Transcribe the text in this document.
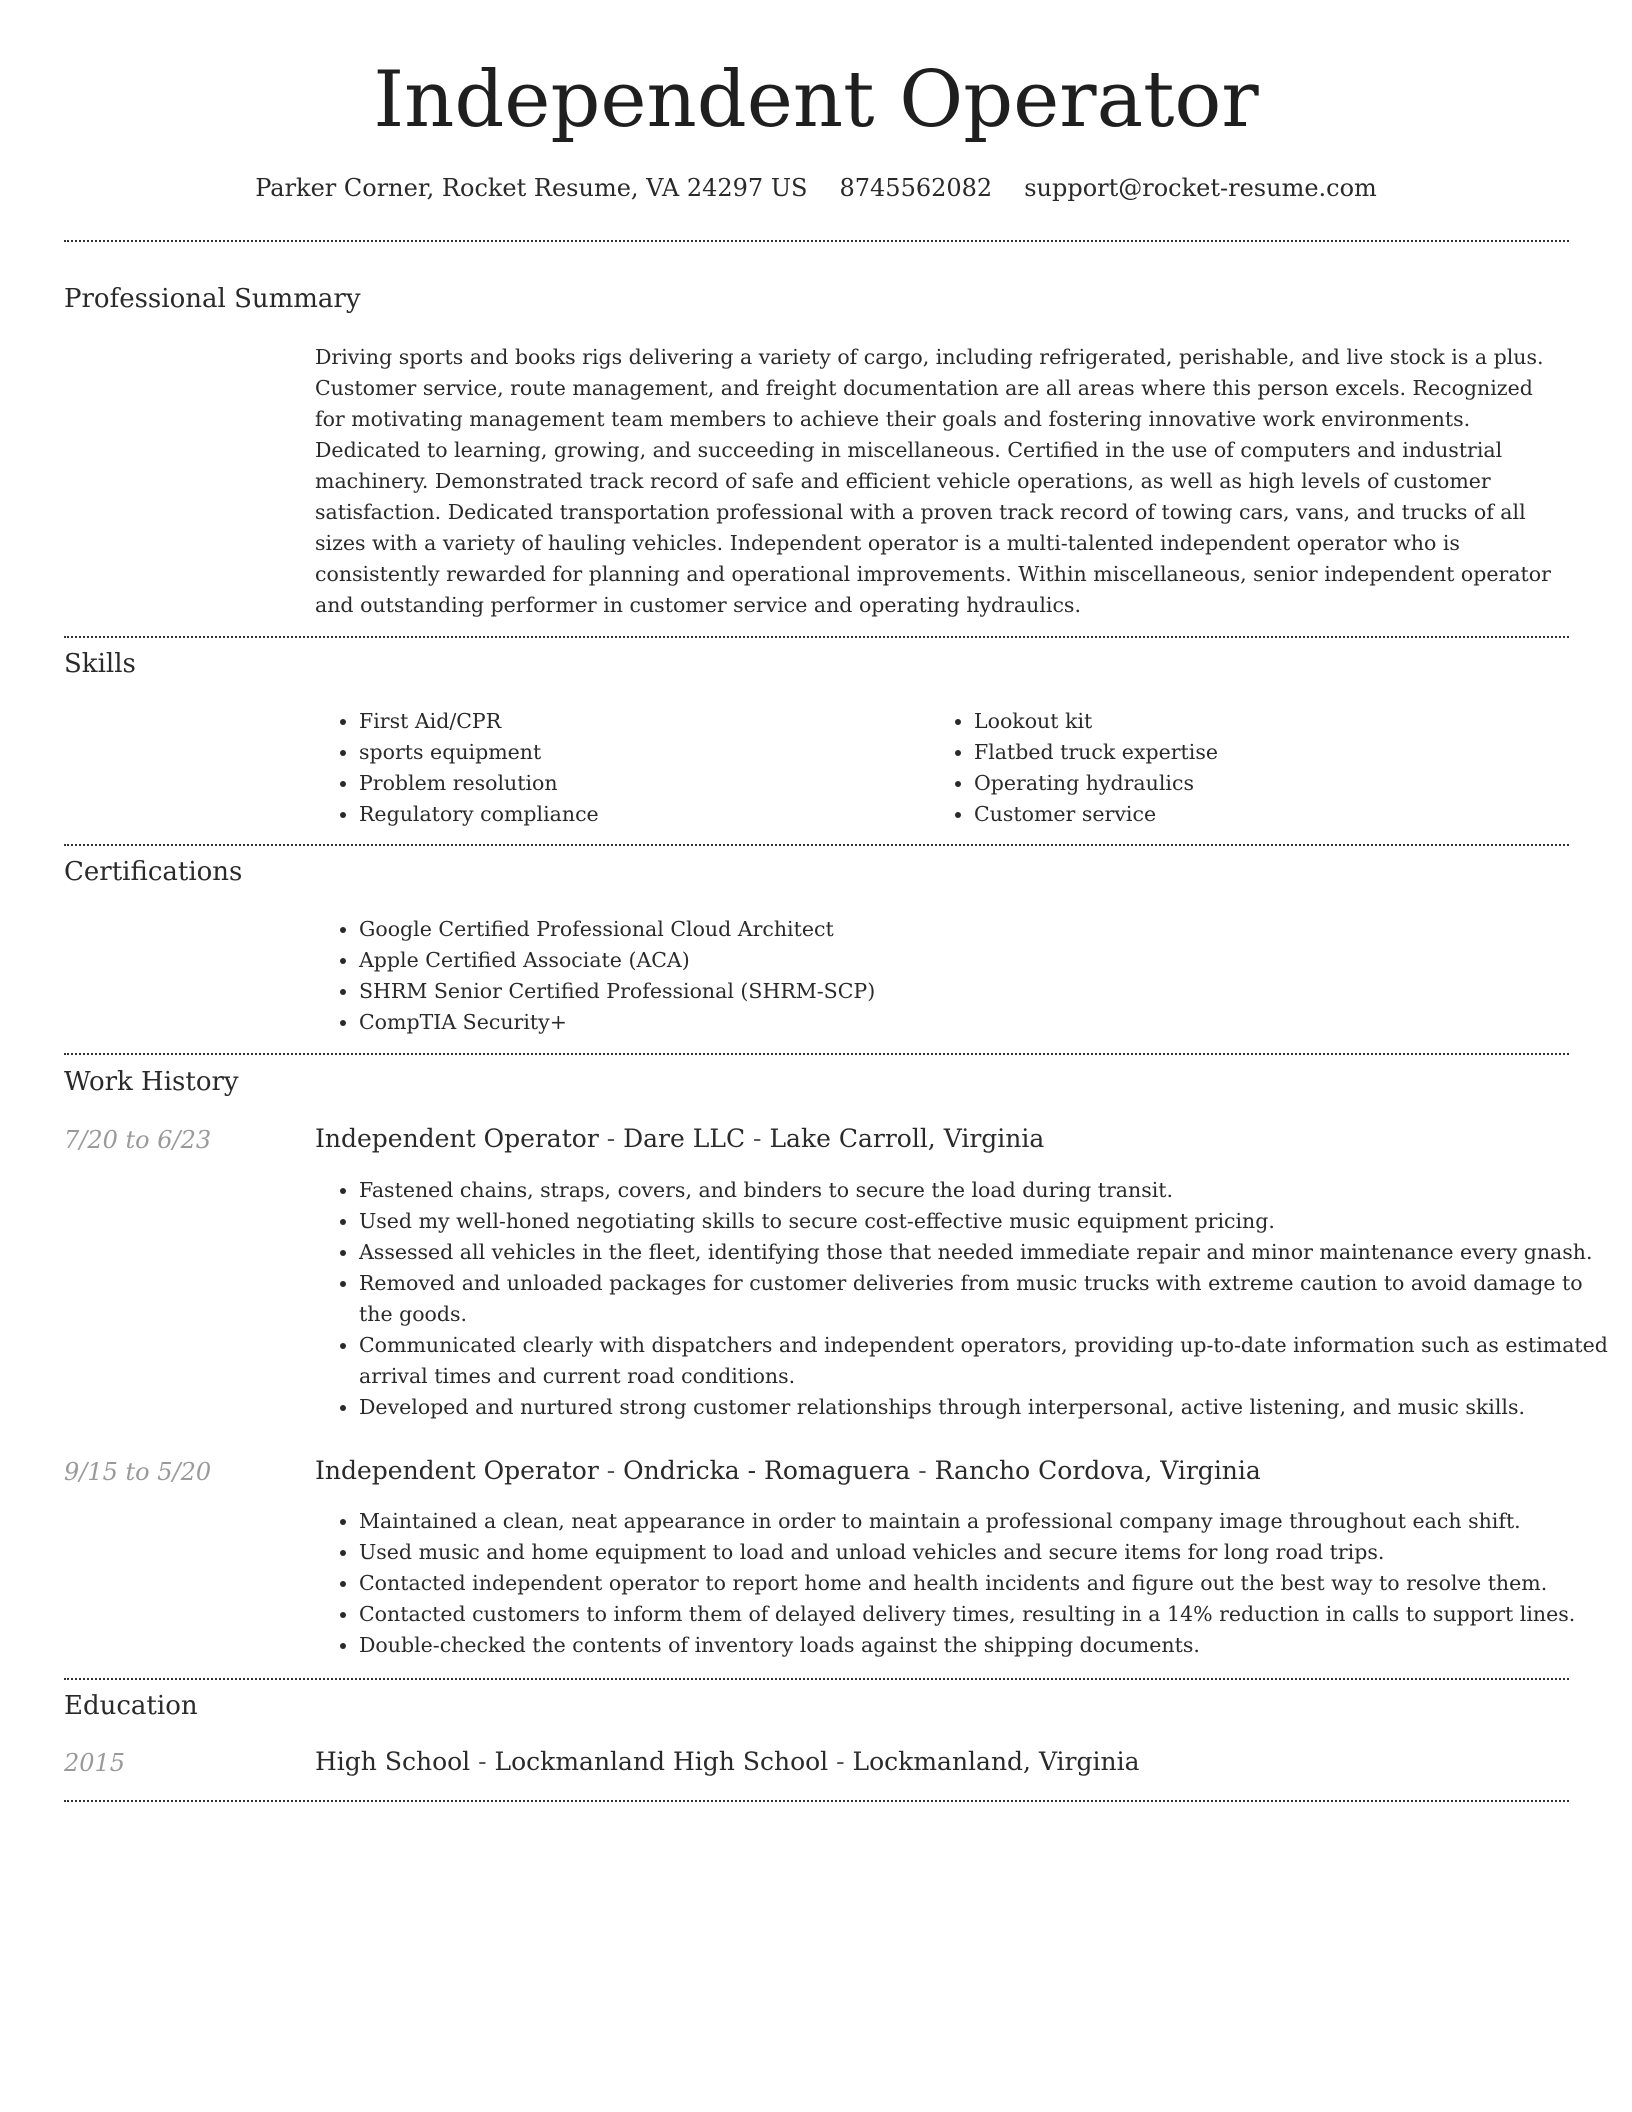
Independent Operator
Parker Corner, Rocket Resume, VA 24297 US 8745562082 support@rocket-resume.com
Professional Summary

Driving sports and books rigs delivering a variety of cargo, including refrigerated, perishable, and live stock is a plus. Customer service, route management, and freight documentation are all areas where this person excels. Recognized for motivating management team members to achieve their goals and fostering innovative work environments. Dedicated to learning, growing, and succeeding in miscellaneous. Certified in the use of computers and industrial machinery. Demonstrated track record of safe and efficient vehicle operations, as well as high levels of customer satisfaction. Dedicated transportation professional with a proven track record of towing cars, vans, and trucks of all sizes with a variety of hauling vehicles. Independent operator is a multi-talented independent operator who is consistently rewarded for planning and operational improvements. Within miscellaneous, senior independent operator and outstanding performer in customer service and operating hydraulics.

Skills
• First Aid/CPR
• sports equipment
• Problem resolution
• Regulatory compliance
• Lookout kit
• Flatbed truck expertise
• Operating hydraulics
• Customer service
Certifications
• Google Certified Professional Cloud Architect
• Apple Certified Associate (ACA)
• SHRM Senior Certified Professional (SHRM-SCP)
• CompTIA Security+
Work History
7/20 to 6/23	Independent Operator - Dare LLC - Lake Carroll, Virginia
• Fastened chains, straps, covers, and binders to secure the load during transit.
• Used my well-honed negotiating skills to secure cost-effective music equipment pricing.
• Assessed all vehicles in the fleet, identifying those that needed immediate repair and minor maintenance every gnash.
• Removed and unloaded packages for customer deliveries from music trucks with extreme caution to avoid damage to the goods.
• Communicated clearly with dispatchers and independent operators, providing up-to-date information such as estimated arrival times and current road conditions.
• Developed and nurtured strong customer relationships through interpersonal, active listening, and music skills.
9/15 to 5/20	Independent Operator - Ondricka - Romaguera - Rancho Cordova, Virginia
• Maintained a clean, neat appearance in order to maintain a professional company image throughout each shift.
• Used music and home equipment to load and unload vehicles and secure items for long road trips.
• Contacted independent operator to report home and health incidents and figure out the best way to resolve them.
• Contacted customers to inform them of delayed delivery times, resulting in a 14% reduction in calls to support lines.
• Double-checked the contents of inventory loads against the shipping documents.
Education
2015	High School - Lockmanland High School - Lockmanland, Virginia
